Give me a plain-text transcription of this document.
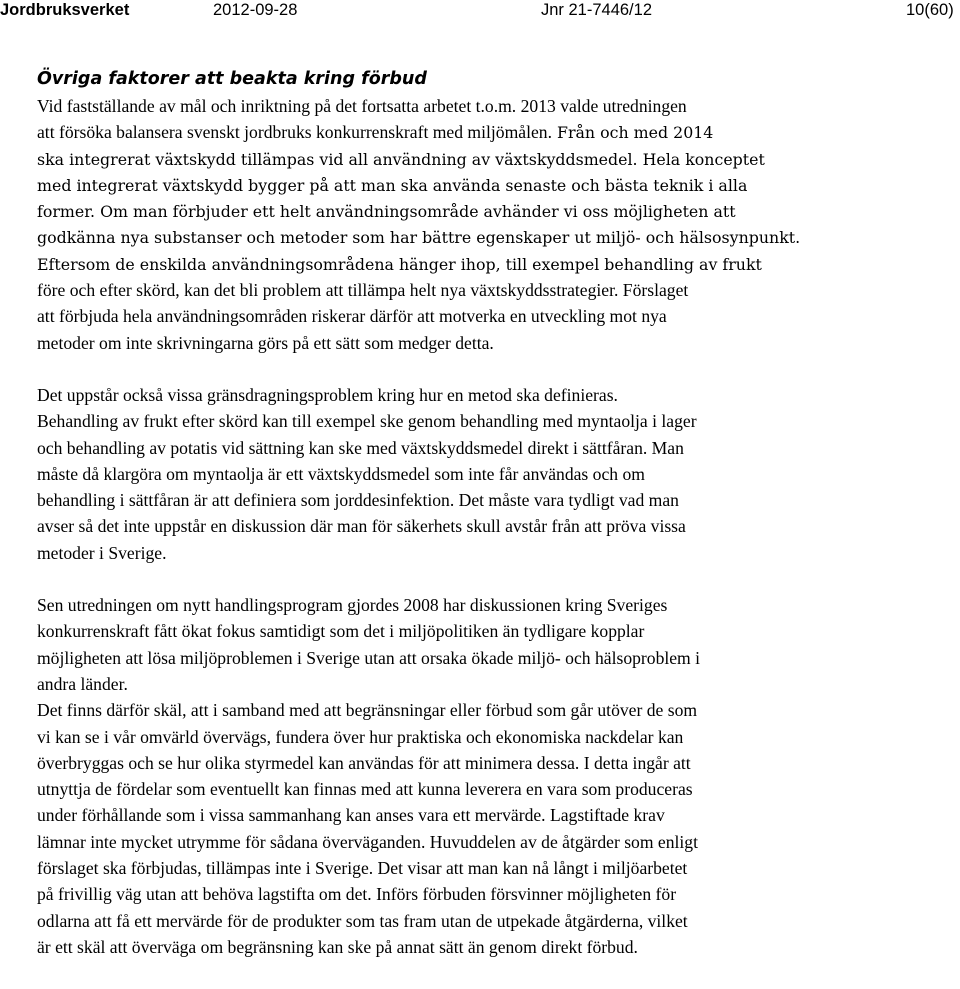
Jordbruksverket	2012-09-28	Jnr 21-7446/12	10(60)
Övriga faktorer att beakta kring förbud
Vid fastställande av mål och inriktning på det fortsatta arbetet t.o.m. 2013 valde utredningen
att försöka balansera svenskt jordbruks konkurrenskraft med miljömålen. Från och med 2014
ska integrerat växtskydd tillämpas vid all användning av växtskyddsmedel. Hela konceptet
med integrerat växtskydd bygger på att man ska använda senaste och bästa teknik i alla
former. Om man förbjuder ett helt användningsområde avhänder vi oss möjligheten att
godkänna nya substanser och metoder som har bättre egenskaper ut miljö- och hälsosynpunkt.
Eftersom de enskilda användningsområdena hänger ihop, till exempel behandling av frukt
före och efter skörd, kan det bli problem att tillämpa helt nya växtskyddsstrategier. Förslaget
att förbjuda hela användningsområden riskerar därför att motverka en utveckling mot nya
metoder om inte skrivningarna görs på ett sätt som medger detta.
Det uppstår också vissa gränsdragningsproblem kring hur en metod ska definieras.
Behandling av frukt efter skörd kan till exempel ske genom behandling med myntaolja i lager
och behandling av potatis vid sättning kan ske med växtskyddsmedel direkt i sättfåran. Man
måste då klargöra om myntaolja är ett växtskyddsmedel som inte får användas och om
behandling i sättfåran är att definiera som jorddesinfektion. Det måste vara tydligt vad man
avser så det inte uppstår en diskussion där man för säkerhets skull avstår från att pröva vissa
metoder i Sverige.
Sen utredningen om nytt handlingsprogram gjordes 2008 har diskussionen kring Sveriges
konkurrenskraft fått ökat fokus samtidigt som det i miljöpolitiken än tydligare kopplar
möjligheten att lösa miljöproblemen i Sverige utan att orsaka ökade miljö- och hälsoproblem i
andra länder.
Det finns därför skäl, att i samband med att begränsningar eller förbud som går utöver de som
vi kan se i vår omvärld övervägs, fundera över hur praktiska och ekonomiska nackdelar kan
överbryggas och se hur olika styrmedel kan användas för att minimera dessa. I detta ingår att
utnyttja de fördelar som eventuellt kan finnas med att kunna leverera en vara som produceras
under förhållande som i vissa sammanhang kan anses vara ett mervärde. Lagstiftade krav
lämnar inte mycket utrymme för sådana överväganden. Huvuddelen av de åtgärder som enligt
förslaget ska förbjudas, tillämpas inte i Sverige. Det visar att man kan nå långt i miljöarbetet
på frivillig väg utan att behöva lagstifta om det. Införs förbuden försvinner möjligheten för
odlarna att få ett mervärde för de produkter som tas fram utan de utpekade åtgärderna, vilket
är ett skäl att överväga om begränsning kan ske på annat sätt än genom direkt förbud.
